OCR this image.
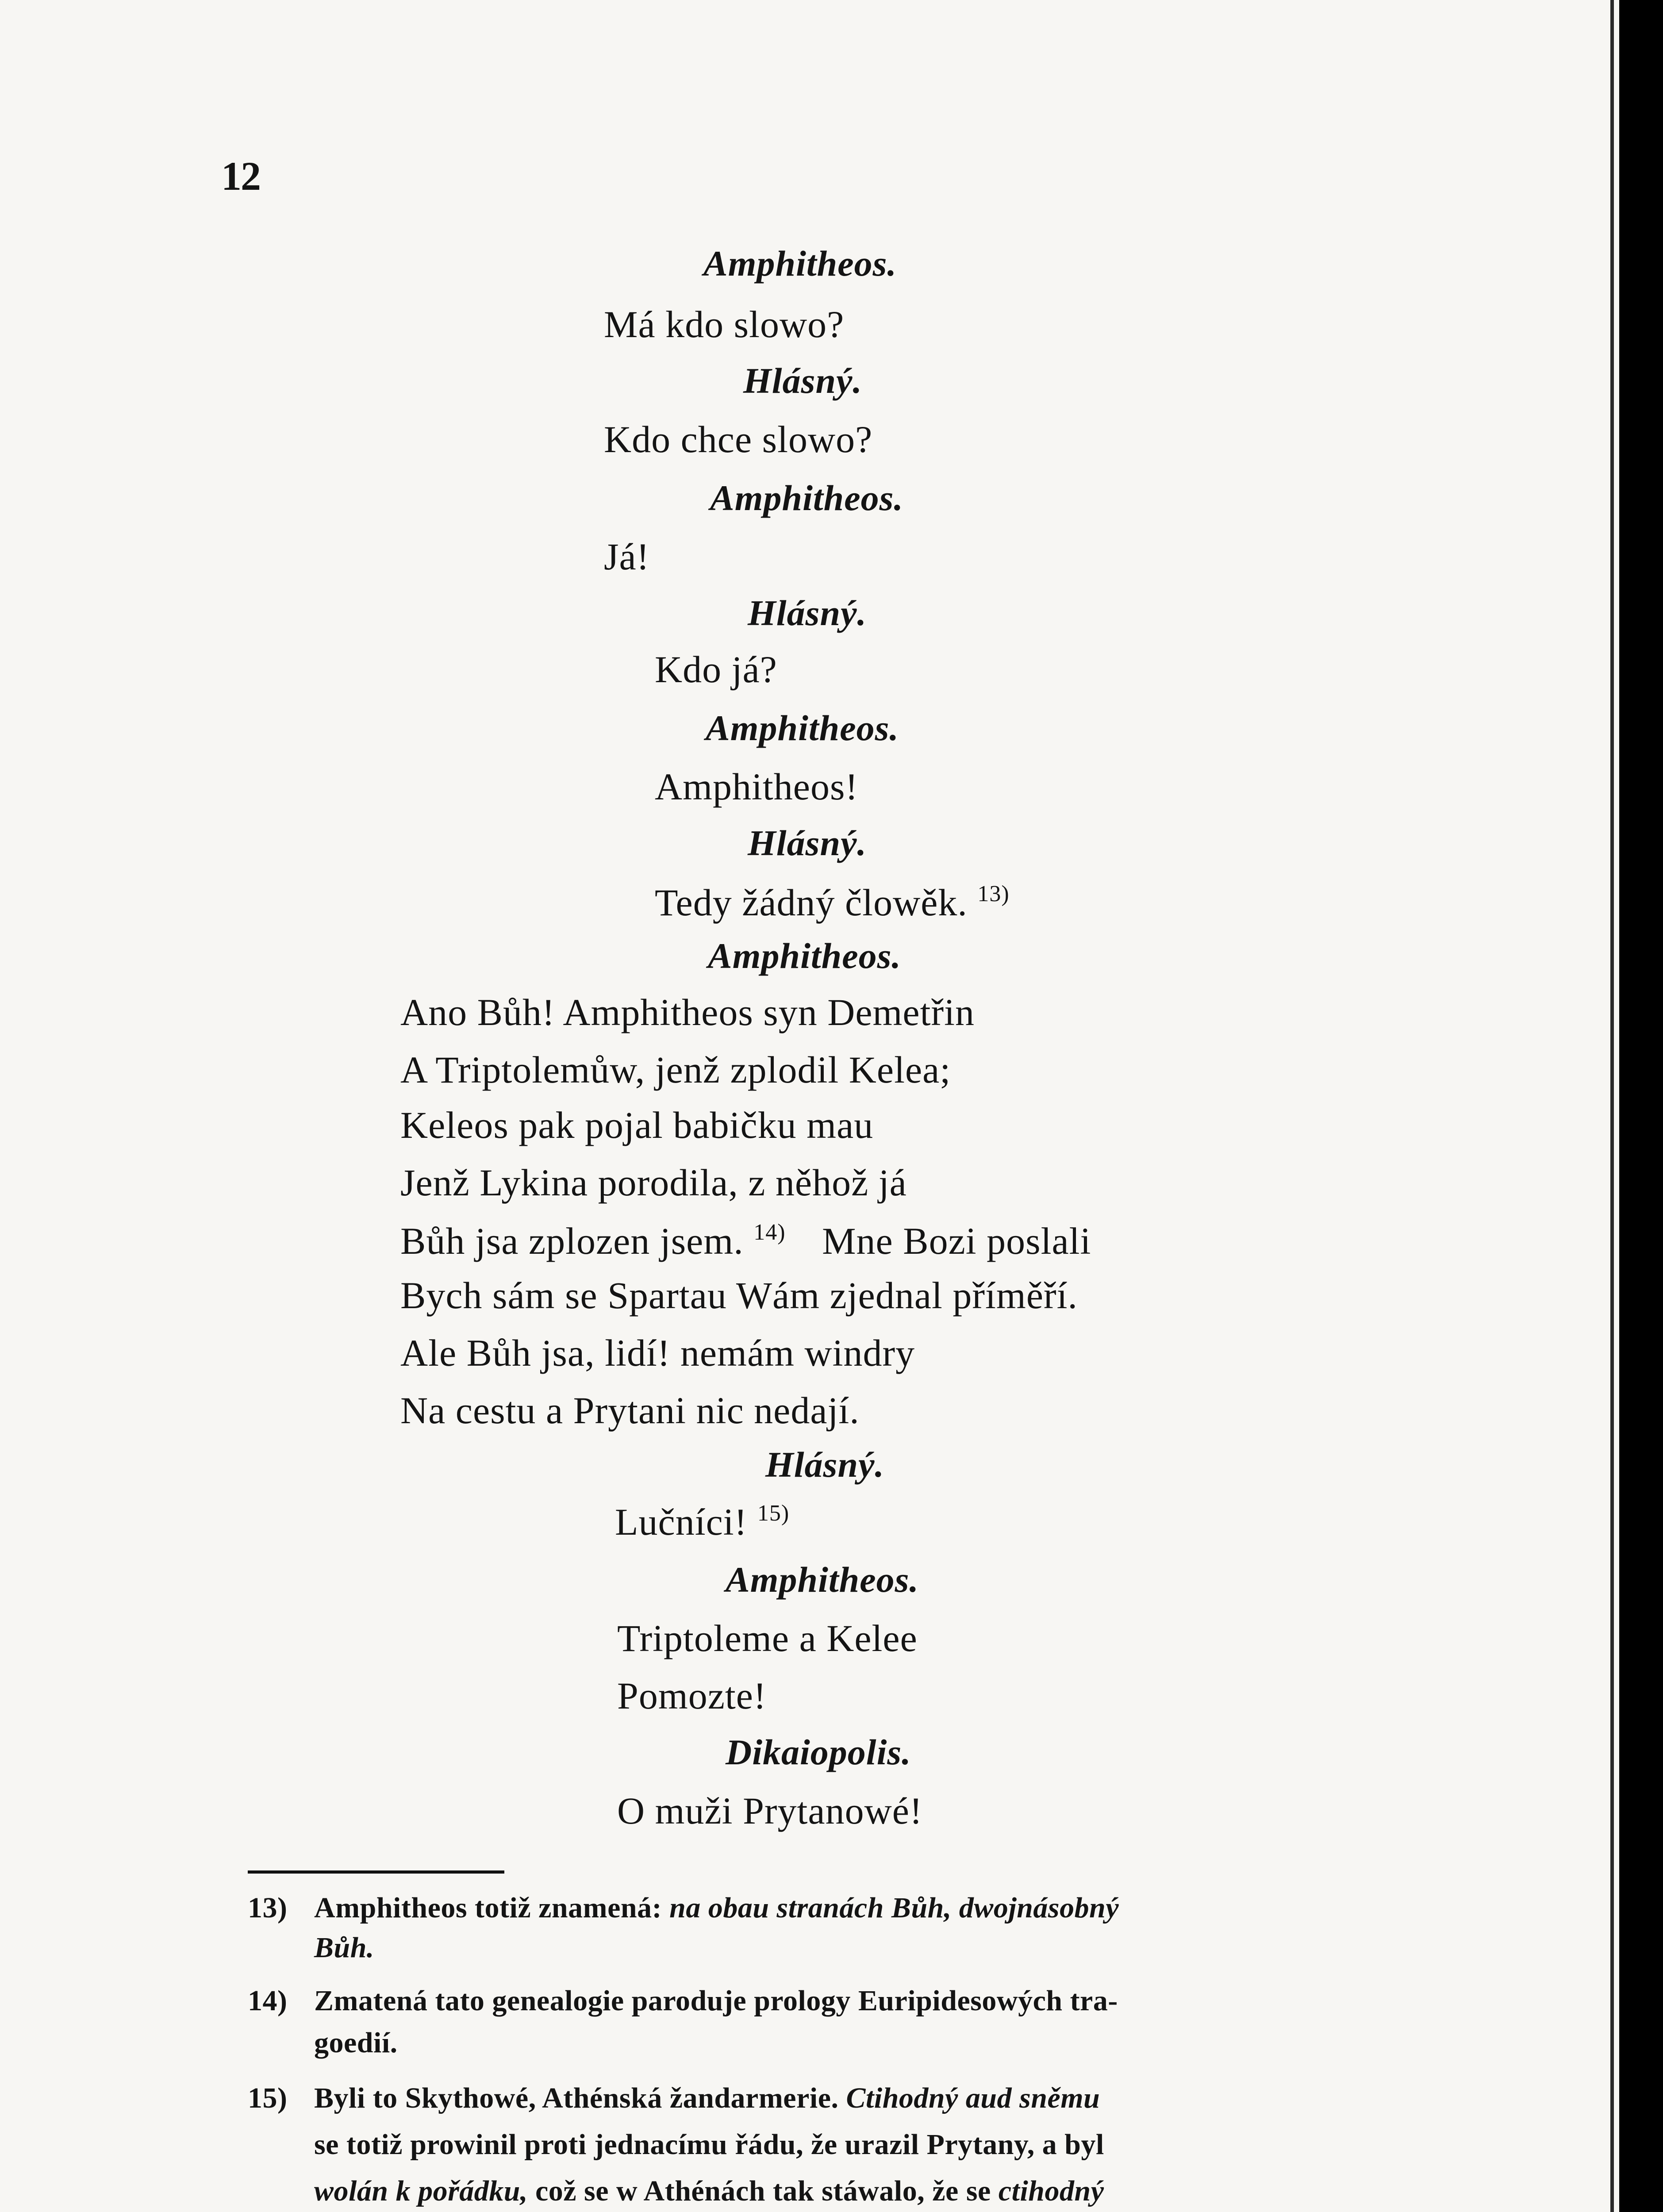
12
Amphitheos.
Má kdo slowo?
Hlásný.
Kdo chce slowo?
Amphitheos.
Já!
Hlásný.
Kdo já?
Amphitheos.
Amphitheos!
Hlásný.
Tedy žádný člowěk. $^{13)}$
Amphitheos.
Ano Bůh! Amphitheos syn Demetřin
A Triptolemůw, jenž zplodil Kelea;
Keleos pak pojal babičku mau
Jenž Lykina porodila, z něhož já
Bůh jsa zplozen jsem. $^{14)}$ Mne Bozi poslali
Bych sám se Spartau Wám zjednal příměří.
Ale Bůh jsa, lidí! nemám windry
Na cestu a Prytani nic nedají.
Hlásný.
Lučníci! $^{15)}$
Amphitheos.
Triptoleme a Kelee
Pomozte!
Dikaiopolis.
O muži Prytanowé!
13) Amphitheos totiž znamená: na obau stranách Bůh, dwojnásobný
Bůh.
14) Zmatená tato genealogie paroduje prology Euripidesowých tra-
goedií.
15) Byli to Skythowé, Athénská žandarmerie. Ctihodný aud sněmu
se totiž prowinil proti jednacímu řádu, že urazil Prytany, a byl
wolán k pořádku, což se w Athénách tak stáwalo, že se ctihodný
